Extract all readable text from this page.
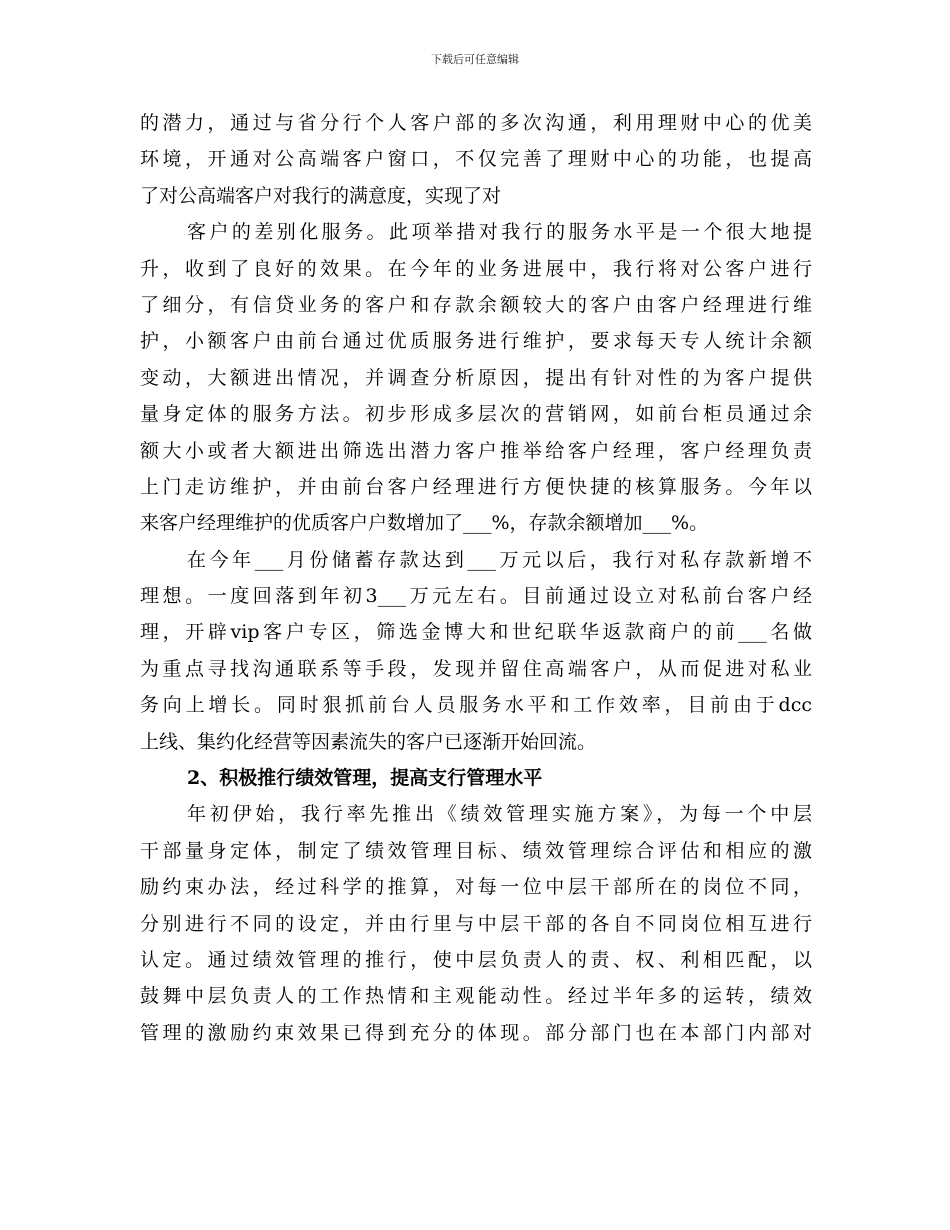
下载后可任意编辑
的潜力，通过与省分行个人客户部的多次沟通，利用理财中心的优美
环境，开通对公高端客户窗口，不仅完善了理财中心的功能，也提高
了对公高端客户对我行的满意度，实现了对
客户的差别化服务。此项举措对我行的服务水平是一个很大地提
升，收到了良好的效果。在今年的业务进展中，我行将对公客户进行
了细分，有信贷业务的客户和存款余额较大的客户由客户经理进行维
护，小额客户由前台通过优质服务进行维护，要求每天专人统计余额
变动，大额进出情况，并调查分析原因，提出有针对性的为客户提供
量身定体的服务方法。初步形成多层次的营销网，如前台柜员通过余
额大小或者大额进出筛选出潜力客户推举给客户经理，客户经理负责
上门走访维护，并由前台客户经理进行方便快捷的核算服务。今年以
来客户经理维护的优质客户户数增加了___%，存款余额增加___%。
在今年___月份储蓄存款达到___万元以后，我行对私存款新增不
理想。一度回落到年初3___万元左右。目前通过设立对私前台客户经
理，开辟vip客户专区，筛选金博大和世纪联华返款商户的前___名做
为重点寻找沟通联系等手段，发现并留住高端客户，从而促进对私业
务向上增长。同时狠抓前台人员服务水平和工作效率，目前由于dcc
上线、集约化经营等因素流失的客户已逐渐开始回流。
2、积极推行绩效管理，提高支行管理水平
年初伊始，我行率先推出《绩效管理实施方案》，为每一个中层
干部量身定体，制定了绩效管理目标、绩效管理综合评估和相应的激
励约束办法，经过科学的推算，对每一位中层干部所在的岗位不同，
分别进行不同的设定，并由行里与中层干部的各自不同岗位相互进行
认定。通过绩效管理的推行，使中层负责人的责、权、利相匹配，以
鼓舞中层负责人的工作热情和主观能动性。经过半年多的运转，绩效
管理的激励约束效果已得到充分的体现。部分部门也在本部门内部对
